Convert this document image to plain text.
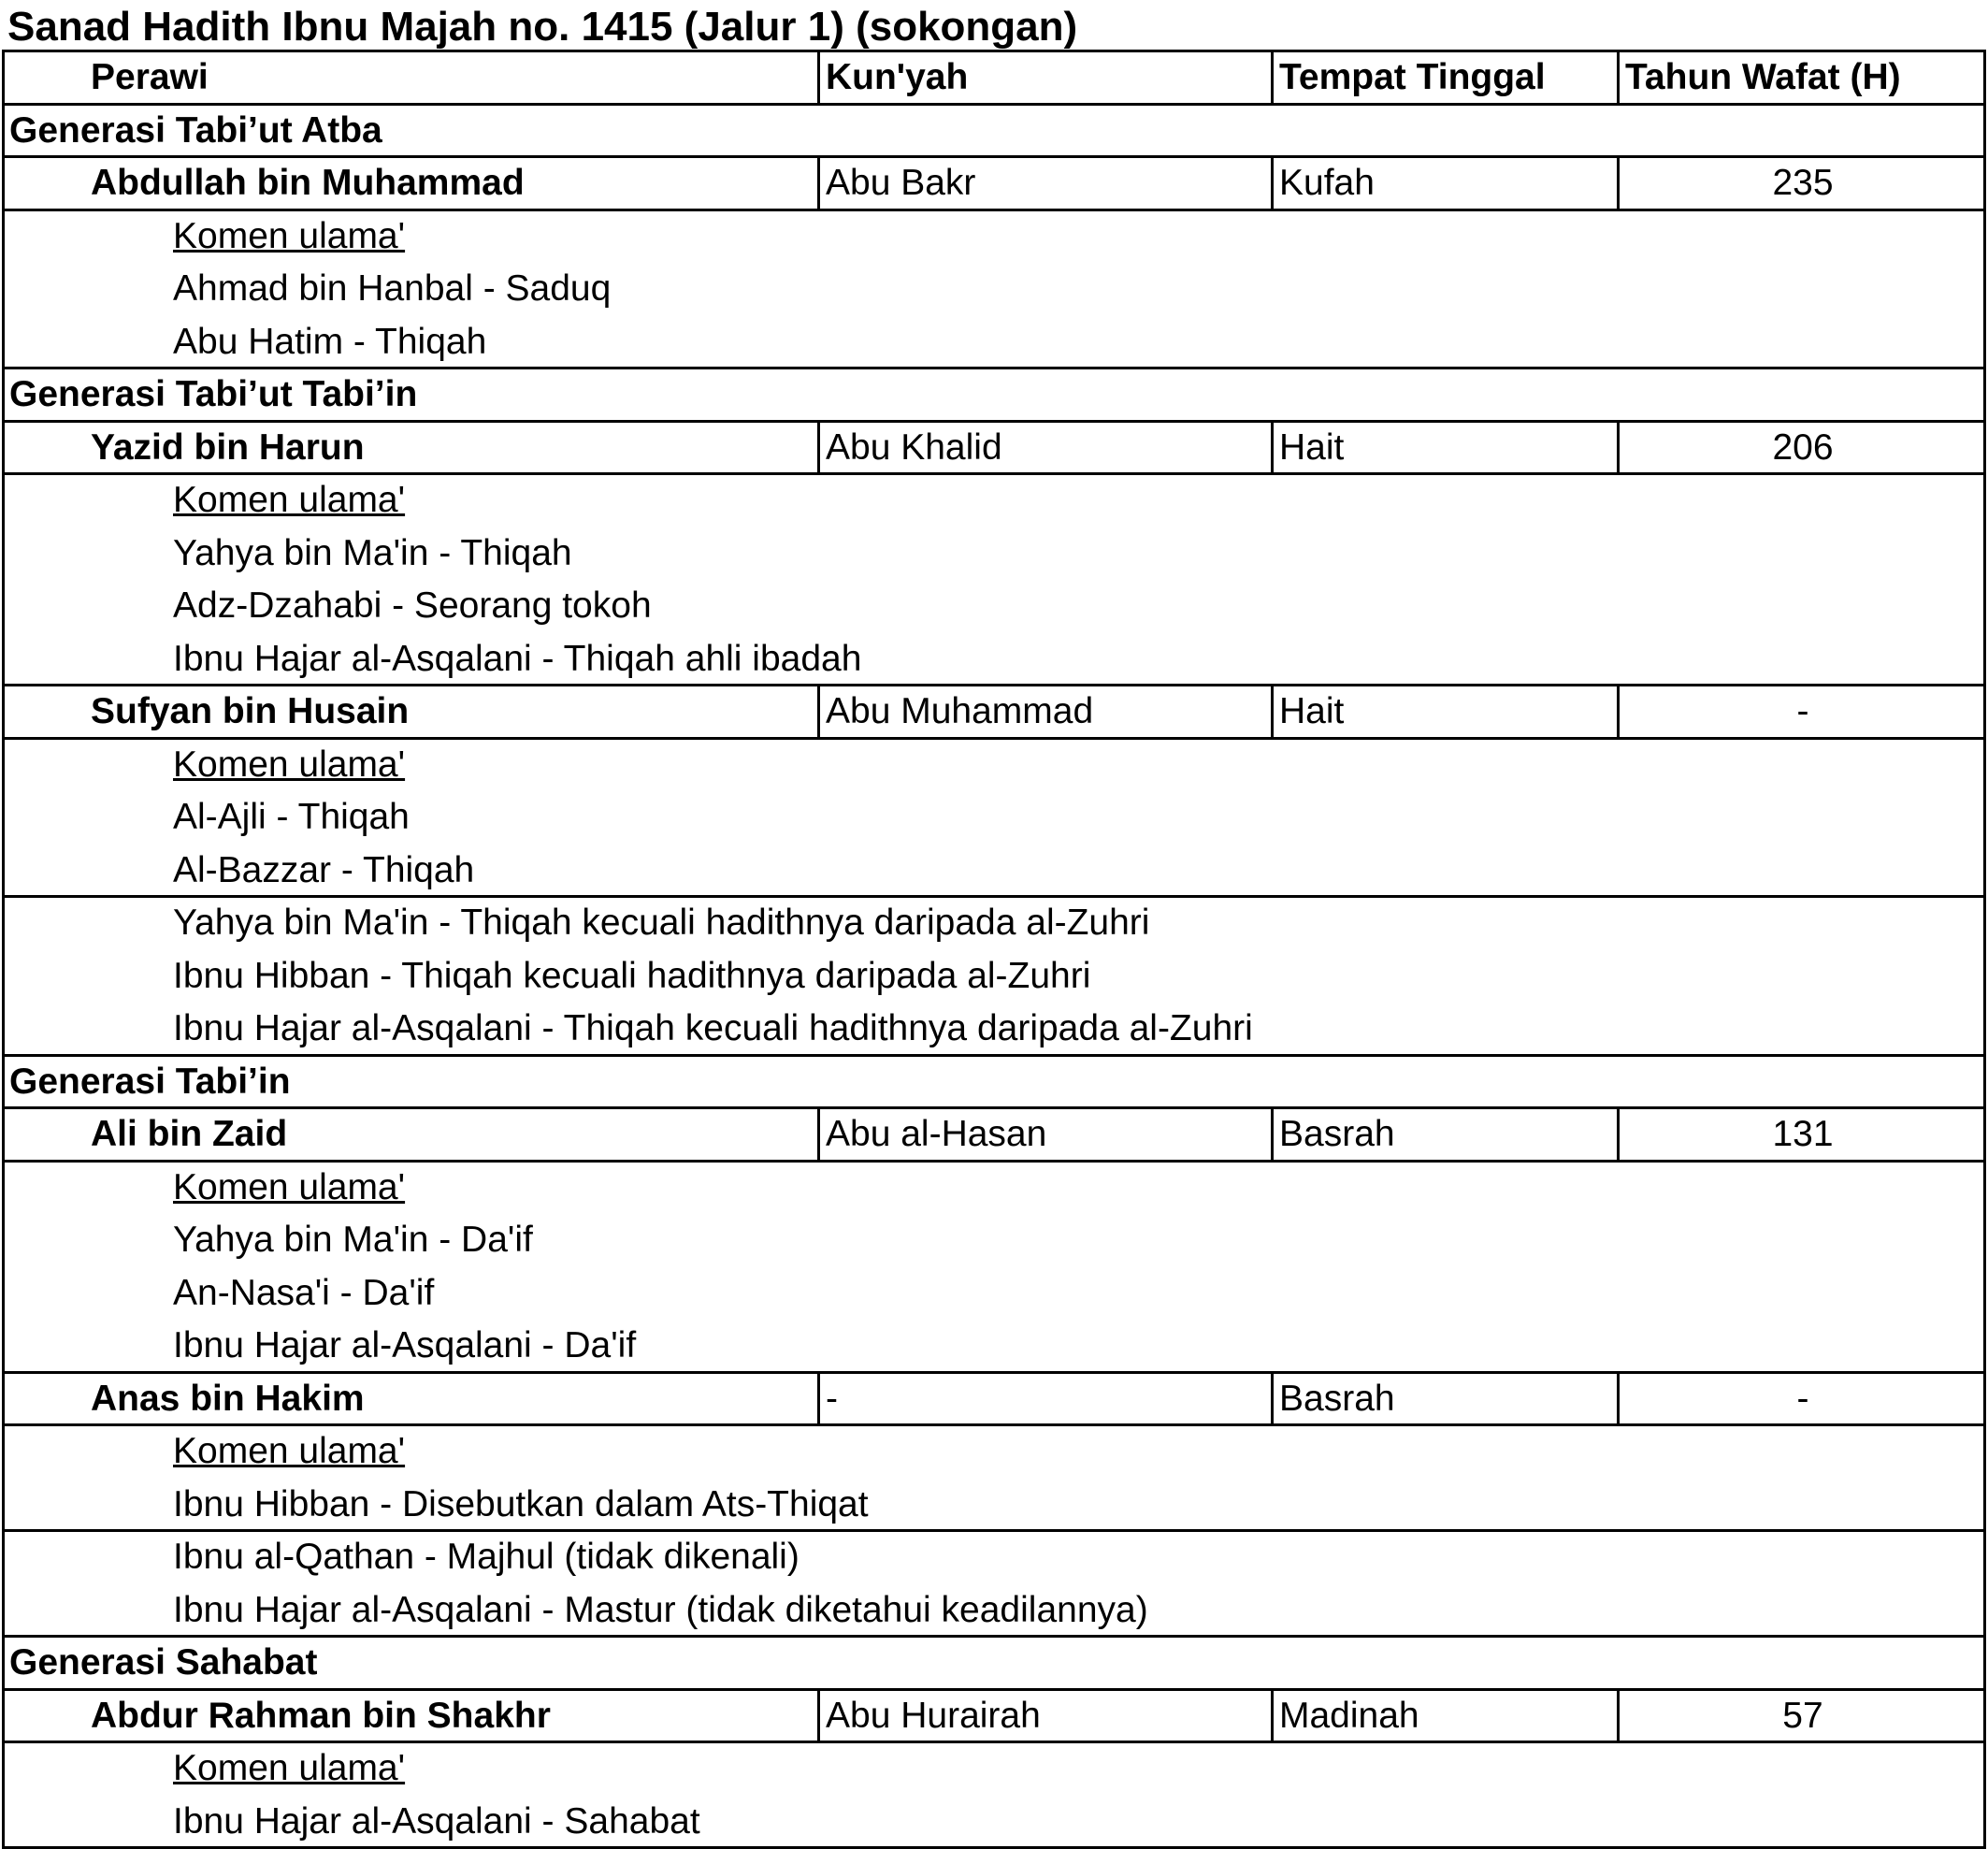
Sanad Hadith Ibnu Majah no. 1415 (Jalur 1) (sokongan)
Perawi	Kun'yah	Tempat Tinggal	Tahun Wafat (H)
Generasi Tabi’ut Atba
Abdullah bin Muhammad	Abu Bakr	Kufah	235
Komen ulama'
Ahmad bin Hanbal - Saduq
Abu Hatim - Thiqah
Generasi Tabi’ut Tabi’in
Yazid bin Harun	Abu Khalid	Hait	206
Komen ulama'
Yahya bin Ma'in - Thiqah
Adz-Dzahabi - Seorang tokoh
Ibnu Hajar al-Asqalani - Thiqah ahli ibadah
Sufyan bin Husain	Abu Muhammad	Hait	-
Komen ulama'
Al-Ajli - Thiqah
Al-Bazzar - Thiqah
Yahya bin Ma'in - Thiqah kecuali hadithnya daripada al-Zuhri
Ibnu Hibban - Thiqah kecuali hadithnya daripada al-Zuhri
Ibnu Hajar al-Asqalani - Thiqah kecuali hadithnya daripada al-Zuhri
Generasi Tabi’in
Ali bin Zaid	Abu al-Hasan	Basrah	131
Komen ulama'
Yahya bin Ma'in - Da'if
An-Nasa'i - Da'if
Ibnu Hajar al-Asqalani - Da'if
Anas bin Hakim	-	Basrah	-
Komen ulama'
Ibnu Hibban - Disebutkan dalam Ats-Thiqat
Ibnu al-Qathan - Majhul (tidak dikenali)
Ibnu Hajar al-Asqalani - Mastur (tidak diketahui keadilannya)
Generasi Sahabat
Abdur Rahman bin Shakhr	Abu Hurairah	Madinah	57
Komen ulama'
Ibnu Hajar al-Asqalani - Sahabat
